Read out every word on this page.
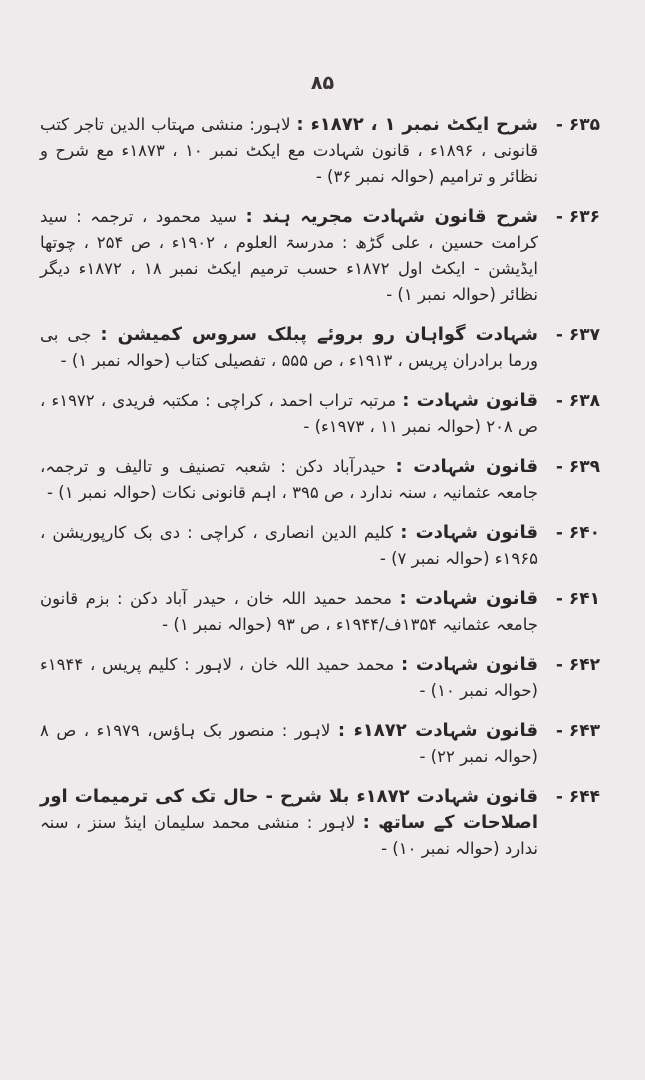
۸۵
۶۳۵ -

شرح ایکٹ نمبر ۱ ، ۱۸۷۲ء : لاہور: منشی مہتاب الدین تاجر کتب قانونی ، ۱۸۹۶ء ، قانون شہادت مع ایکٹ نمبر ۱۰ ، ۱۸۷۳ء مع شرح و نظائر و ترامیم (حوالہ نمبر ۳۶) -

۶۳۶ -

شرح قانون شہادت مجریہ ہند : سید محمود ، ترجمہ : سید کرامت حسین ، علی گڑھ : مدرسۃ العلوم ، ۱۹۰۲ء ، ص ۲۵۴ ، چوتھا ایڈیشن - ایکٹ اول ۱۸۷۲ء حسب ترمیم ایکٹ نمبر ۱۸ ، ۱۸۷۲ء دیگر نظائر (حوالہ نمبر ۱) -

۶۳۷ -

شہادت گواہان رو بروئے پبلک سروس کمیشن : جی بی ورما برادران پریس ، ۱۹۱۳ء ، ص ۵۵۵ ، تفصیلی کتاب (حوالہ نمبر ۱) -

۶۳۸ -

قانون شہادت : مرتبہ تراب احمد ، کراچی : مکتبہ فریدی ، ۱۹۷۲ء ، ص ۲۰۸ (حوالہ نمبر ۱۱ ، ۱۹۷۳ء) -

۶۳۹ -

قانون شہادت : حیدرآباد دکن : شعبہ تصنیف و تالیف و ترجمہ، جامعہ عثمانیہ ، سنہ ندارد ، ص ۳۹۵ ، اہم قانونی نکات (حوالہ نمبر ۱) -

۶۴۰ -

قانون شہادت : کلیم الدین انصاری ، کراچی : دی بک کارپوریشن ، ۱۹۶۵ء (حوالہ نمبر ۷) -

۶۴۱ -

قانون شہادت : محمد حمید اللہ خان ، حیدر آباد دکن : بزم قانون جامعہ عثمانیہ ۱۳۵۴ف/۱۹۴۴ء ، ص ۹۳ (حوالہ نمبر ۱) -

۶۴۲ -

قانون شہادت : محمد حمید اللہ خان ، لاہور : کلیم پریس ، ۱۹۴۴ء (حوالہ نمبر ۱۰) -

۶۴۳ -

قانون شہادت ۱۸۷۲ء : لاہور : منصور بک ہاؤس، ۱۹۷۹ء ، ص ۸ (حوالہ نمبر ۲۲) -

۶۴۴ -

قانون شہادت ۱۸۷۲ء بلا شرح - حال تک کی ترمیمات اور اصلاحات کے ساتھ : لاہور : منشی محمد سلیمان اینڈ سنز ، سنہ ندارد (حوالہ نمبر ۱۰) -
